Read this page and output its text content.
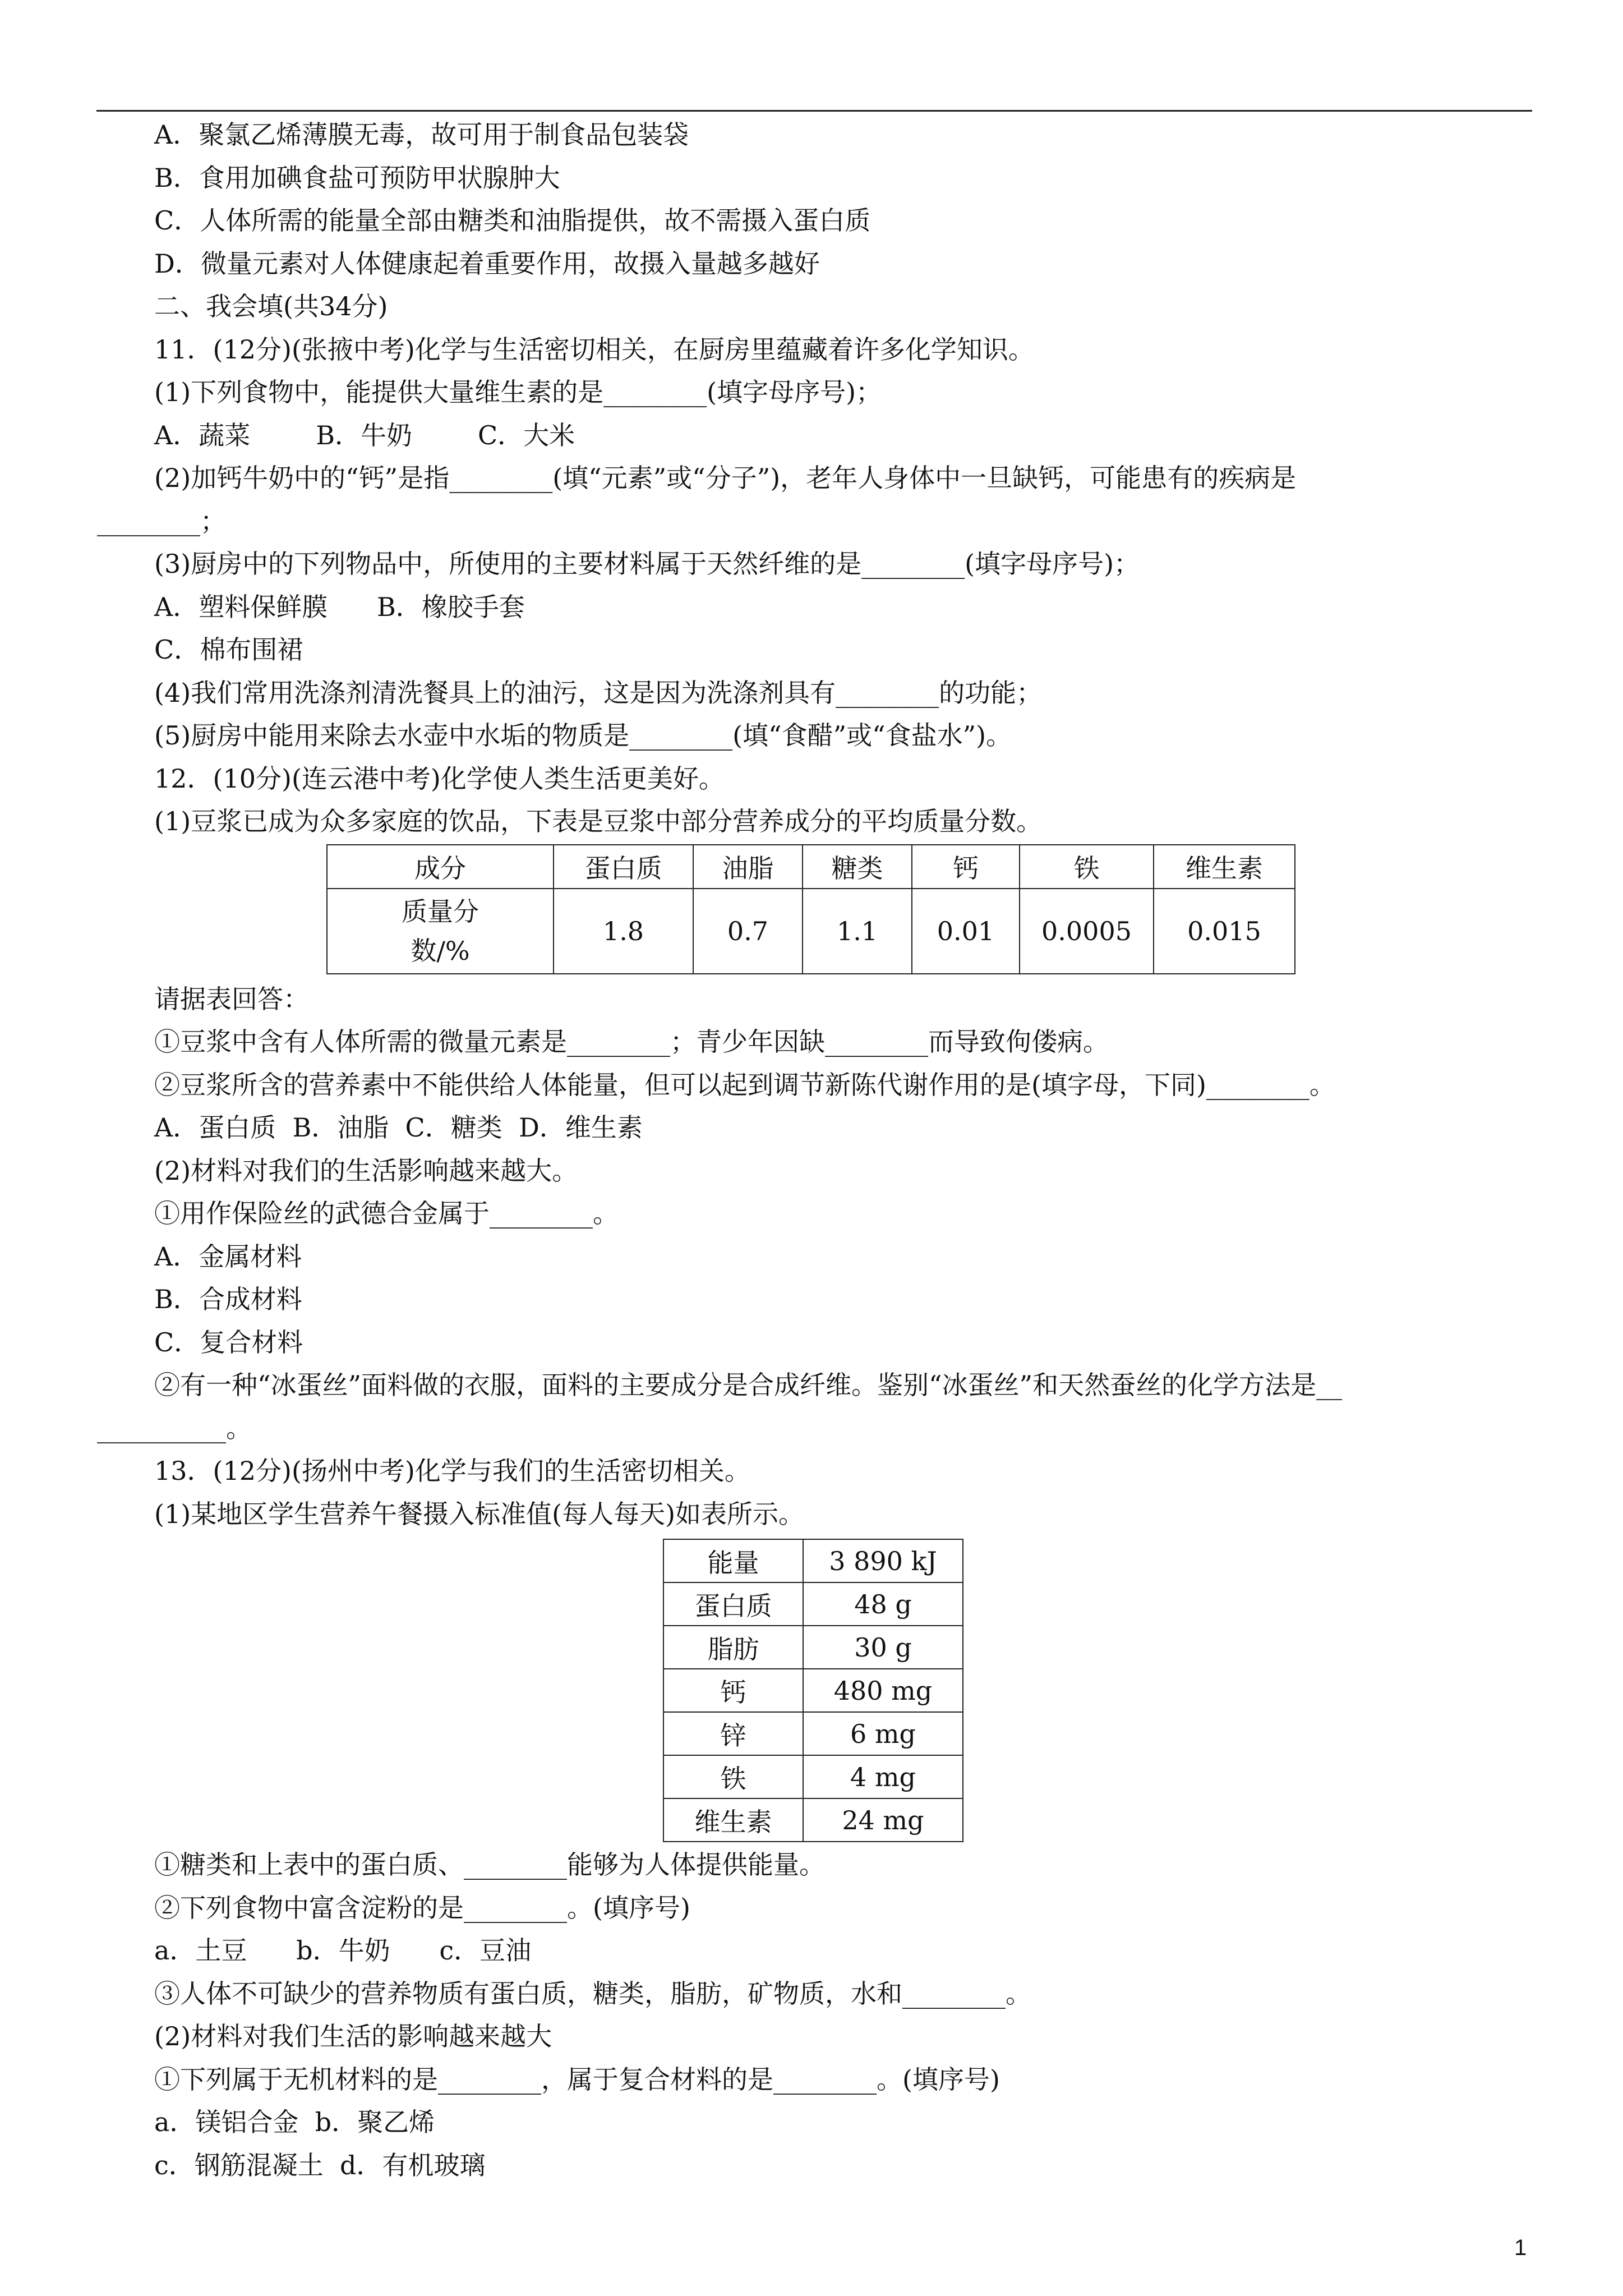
A．聚氯乙烯薄膜无毒，故可用于制食品包装袋
B．食用加碘食盐可预防甲状腺肿大
C．人体所需的能量全部由糖类和油脂提供，故不需摄入蛋白质
D．微量元素对人体健康起着重要作用，故摄入量越多越好
二、我会填(共34分)
11．(12分)(张掖中考)化学与生活密切相关，在厨房里蕴藏着许多化学知识。
(1)下列食物中，能提供大量维生素的是________(填字母序号)；
A．蔬菜        B．牛奶        C．大米
(2)加钙牛奶中的“钙”是指________(填“元素”或“分子”)，老年人身体中一旦缺钙，可能患有的疾病是
________；
(3)厨房中的下列物品中，所使用的主要材料属于天然纤维的是________(填字母序号)；
A．塑料保鲜膜      B．橡胶手套
C．棉布围裙
(4)我们常用洗涤剂清洗餐具上的油污，这是因为洗涤剂具有________的功能；
(5)厨房中能用来除去水壶中水垢的物质是________(填“食醋”或“食盐水”)。
12．(10分)(连云港中考)化学使人类生活更美好。
(1)豆浆已成为众多家庭的饮品，下表是豆浆中部分营养成分的平均质量分数。
成分	蛋白质	油脂	糖类	钙	铁	维生素

质量分
数/%	1.8	0.7	1.1	0.01	0.0005	0.015
请据表回答：
①豆浆中含有人体所需的微量元素是________；青少年因缺________而导致佝偻病。
②豆浆所含的营养素中不能供给人体能量，但可以起到调节新陈代谢作用的是(填字母，下同)________。
A．蛋白质  B．油脂  C．糖类  D．维生素
(2)材料对我们的生活影响越来越大。
①用作保险丝的武德合金属于________。
A．金属材料
B．合成材料
C．复合材料
②有一种“冰蛋丝”面料做的衣服，面料的主要成分是合成纤维。鉴别“冰蛋丝”和天然蚕丝的化学方法是__
__________。
13．(12分)(扬州中考)化学与我们的生活密切相关。
(1)某地区学生营养午餐摄入标准值(每人每天)如表所示。
能量	3 890 kJ
蛋白质	48 g
脂肪	30 g
钙	480 mg
锌	6 mg
铁	4 mg
维生素	24 mg
①糖类和上表中的蛋白质、________能够为人体提供能量。
②下列食物中富含淀粉的是________。(填序号)
a．土豆      b．牛奶      c．豆油
③人体不可缺少的营养物质有蛋白质，糖类，脂肪，矿物质，水和________。
(2)材料对我们生活的影响越来越大
①下列属于无机材料的是________，属于复合材料的是________。(填序号)
a．镁铝合金  b．聚乙烯
c．钢筋混凝土  d．有机玻璃
1
